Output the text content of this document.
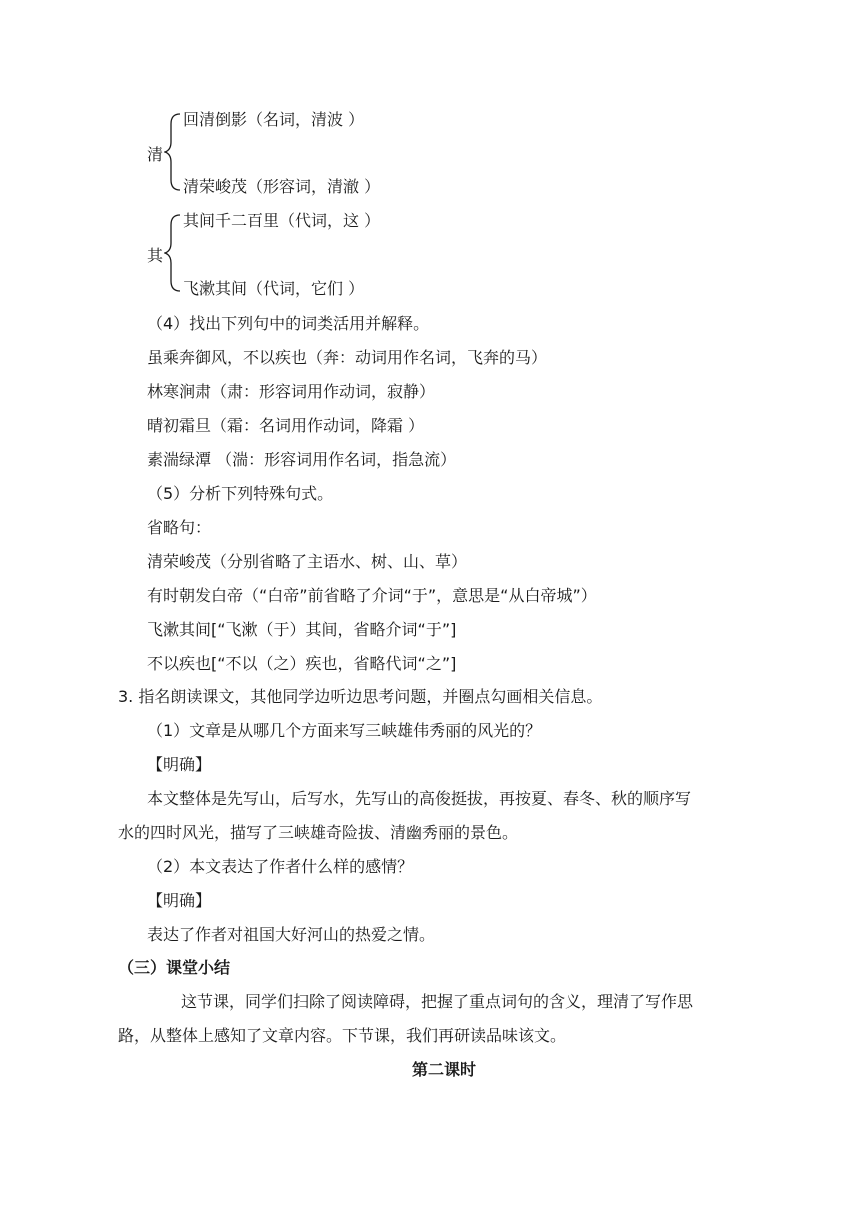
清
回清倒影（名词，清波 ）
清荣峻茂（形容词，清澈 ）
其
其间千二百里（代词，这 ）
飞漱其间（代词，它们 ）
（4）找出下列句中的词类活用并解释。
虽乘奔御风，不以疾也（奔：动词用作名词，飞奔的马）
林寒涧肃（肃：形容词用作动词，寂静）
晴初霜旦（霜：名词用作动词，降霜 ）
素湍绿潭 （湍：形容词用作名词，指急流）
（5）分析下列特殊句式。
省略句：
清荣峻茂（分别省略了主语水、树、山、草）
有时朝发白帝（“白帝”前省略了介词“于”，意思是“从白帝城”）
飞漱其间[“飞漱（于）其间，省略介词“于”]
不以疾也[“不以（之）疾也，省略代词“之”]
3. 指名朗读课文，其他同学边听边思考问题，并圈点勾画相关信息。
（1）文章是从哪几个方面来写三峡雄伟秀丽的风光的？
【明确】
本文整体是先写山，后写水，先写山的高俊挺拔，再按夏、春冬、秋的顺序写
水的四时风光，描写了三峡雄奇险拔、清幽秀丽的景色。
（2）本文表达了作者什么样的感情？
【明确】
表达了作者对祖国大好河山的热爱之情。
（三）课堂小结
这节课，同学们扫除了阅读障碍，把握了重点词句的含义，理清了写作思
路，从整体上感知了文章内容。下节课，我们再研读品味该文。
第二课时
